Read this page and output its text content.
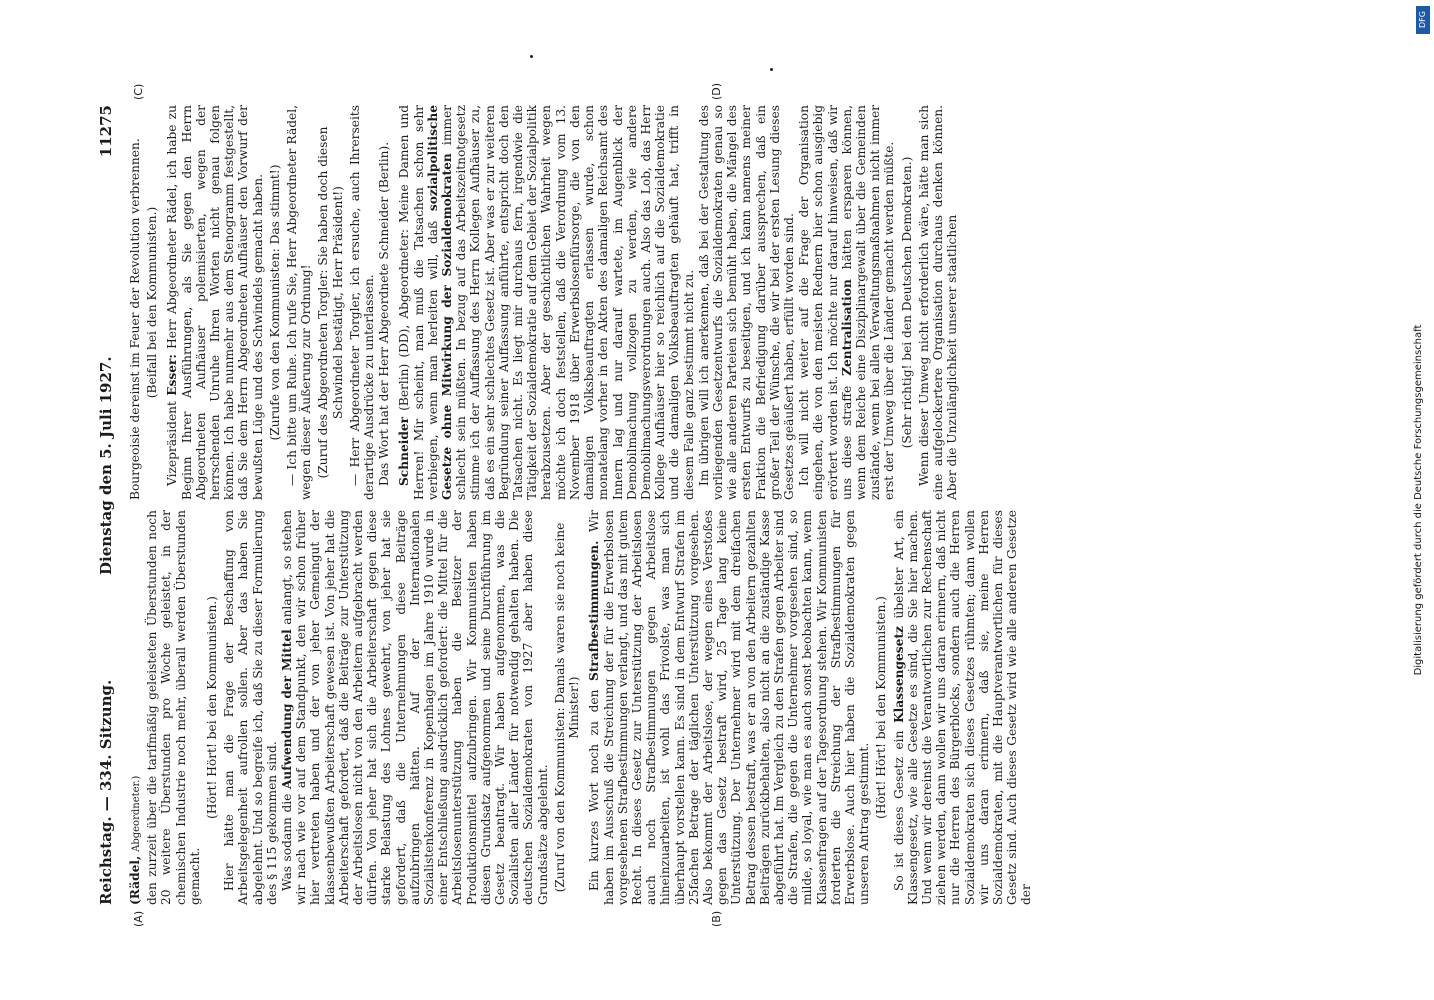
Reichstag. — 334. Sitzung.
Dienstag den 5. Juli 1927.
11275
(A)	(B)
(C)	(D)

(Rädel, Abgeordneter.) den zurzeit über die tarifmäßig geleisteten Überstunden noch 20 weitere Überstunden pro Woche geleistet, in der chemischen Industrie noch mehr, überall werden Überstunden gemacht.

(Hört! Hört! bei den Kommunisten.) Hier hätte man die Frage der Beschaffung von Arbeitsgelegenheit aufrollen sollen. Aber das haben Sie abgelehnt. Und so begreife ich, daß Sie zu dieser Formulierung des § 115 gekommen sind. Was sodann die Aufwendung der Mittel anlangt, so stehen wir nach wie vor auf dem Standpunkt, den wir schon früher hier vertreten haben und der von jeher Gemeingut der klassenbewußten Arbeiterschaft gewesen ist. Von jeher hat die Arbeiterschaft gefordert, daß die Beiträge zur Unterstützung der Arbeitslosen nicht von den Arbeitern aufgebracht werden dürfen. Von jeher hat sich die Arbeiterschaft gegen diese starke Belastung des Lohnes gewehrt, von jeher hat sie gefordert, daß die Unternehmungen diese Beiträge aufzubringen hätten. Auf der Internationalen Sozialistenkonferenz in Kopenhagen im Jahre 1910 wurde in einer Entschließung ausdrücklich gefordert: die Mittel für die Arbeitslosenunterstützung haben die Besitzer der Produktionsmittel aufzubringen. Wir Kommunisten haben diesen Grundsatz aufgenommen und seine Durchführung im Gesetz beantragt. Wir haben aufgenommen, was die Sozialisten aller Länder für notwendig gehalten haben. Die deutschen Sozialdemokraten von 1927 aber haben diese Grundsätze abgelehnt. (Zuruf von den Kommunisten: Damals waren sie noch keine Minister!) Ein kurzes Wort noch zu den Strafbestimmungen. Wir haben im Ausschuß die Streichung der für die Erwerbslosen vorgesehenen Strafbestimmungen verlangt, und das mit gutem Recht. In dieses Gesetz zur Unterstützung der Arbeitslosen auch noch Strafbestimmungen gegen Arbeitslose hineinzuarbeiten, ist wohl das Frivolste, was man sich überhaupt vorstellen kann. Es sind in dem Entwurf Strafen im 25fachen Betrage der täglichen Unterstützung vorgesehen. Also bekommt der Arbeitslose, der wegen eines Verstoßes gegen das Gesetz bestraft wird, 25 Tage lang keine Unterstützung. Der Unternehmer wird mit dem dreifachen Betrag dessen bestraft, was er an von den Arbeitern gezahlten Beiträgen zurückbehalten, also nicht an die zuständige Kasse abgeführt hat. Im Vergleich zu den Strafen gegen Arbeiter sind die Strafen, die gegen die Unternehmer vorgesehen sind, so milde, so loyal, wie man es auch sonst beobachten kann, wenn Klassenfragen auf der Tagesordnung stehen. Wir Kommunisten forderten die Streichung der Strafbestimmungen für Erwerbslose. Auch hier haben die Sozialdemokraten gegen unseren Antrag gestimmt.

(Hört! Hört! bei den Kommunisten.) So ist dieses Gesetz ein Klassengesetz übelster Art, ein Klassengesetz, wie alle Gesetze es sind, die Sie hier machen. Und wenn wir dereinst die Verantwortlichen zur Rechenschaft ziehen werden, dann wollen wir uns daran erinnern, daß nicht nur die Herren des Bürgerblocks, sondern auch die Herren Sozialdemokraten sich dieses Gesetzes rühmten; dann wollen wir uns daran erinnern, daß sie, meine Herren Sozialdemokraten, mit die Hauptverantwortlichen für dieses Gesetz sind. Auch dieses Gesetz wird wie alle anderen Gesetze der

Bourgeoisie dereinst im Feuer der Revolution verbrennen. (Beifall bei den Kommunisten.)

Vizepräsident Esser: Herr Abgeordneter Rädel, ich habe zu Beginn Ihrer Ausführungen, als Sie gegen den Herrn Abgeordneten Aufhäuser polemisierten, wegen der herrschenden Unruhe Ihren Worten nicht genau folgen können. Ich habe nunmehr aus dem Stenogramm festgestellt, daß Sie dem Herrn Abgeordneten Aufhäuser den Vorwurf der bewußten Lüge und des Schwindels gemacht haben. (Zurufe von den Kommunisten: Das stimmt!) — Ich bitte um Ruhe. Ich rufe Sie, Herr Abgeordneter Rädel, wegen dieser Äußerung zur Ordnung! (Zuruf des Abgeordneten Torgler: Sie haben doch diesen Schwindel bestätigt, Herr Präsident!) — Herr Abgeordneter Torgler, ich ersuche, auch Ihrerseits derartige Ausdrücke zu unterlassen. Das Wort hat der Herr Abgeordnete Schneider (Berlin). Schneider (Berlin) (DD), Abgeordneter: Meine Damen und Herren! Mir scheint, man muß die Tatsachen schon sehr verbiegen, wenn man herleiten will, daß sozialpolitische Gesetze ohne Mitwirkung der Sozialdemokraten immer schlecht sein müßten. In bezug auf das Arbeitszeitnotgesetz stimme ich der Auffassung des Herrn Kollegen Aufhäuser zu, daß es ein sehr schlechtes Gesetz ist. Aber was er zur weiteren Begründung seiner Auffassung anführte, entspricht doch den Tatsachen nicht. Es liegt mir durchaus fern, irgendwie die Tätigkeit der Sozialdemokratie auf dem Gebiet der Sozialpolitik herabzusetzen. Aber der geschichtlichen Wahrheit wegen möchte ich doch feststellen, daß die Verordnung vom 13. November 1918 über Erwerbslosenfürsorge, die von den damaligen Volksbeauftragten erlassen wurde, schon monatelang vorher in den Akten des damaligen Reichsamt des Innern lag und nur darauf wartete, im Augenblick der Demobilmachung vollzogen zu werden, wie andere Demobilmachungsverordnungen auch. Also das Lob, das Herr Kollege Aufhäuser hier so reichlich auf die Sozialdemokratie und die damaligen Volksbeauftragten gehäuft hat, trifft in diesem Falle ganz bestimmt nicht zu. Im übrigen will ich anerkennen, daß bei der Gestaltung des vorliegenden Gesetzentwurfs die Sozialdemokraten genau so wie alle anderen Parteien sich bemüht haben, die Mängel des ersten Entwurfs zu beseitigen, und ich kann namens meiner Fraktion die Befriedigung darüber aussprechen, daß ein großer Teil der Wünsche, die wir bei der ersten Lesung dieses Gesetzes geäußert haben, erfüllt worden sind. Ich will nicht weiter auf die Frage der Organisation eingehen, die von den meisten Rednern hier schon ausgiebig erörtert worden ist. Ich möchte nur darauf hinweisen, daß wir uns diese straffe Zentralisation hätten ersparen können, wenn dem Reiche eine Disziplinargewalt über die Gemeinden zustände, wenn bei allen Verwaltungsmaßnahmen nicht immer erst der Umweg über die Länder gemacht werden müßte. (Sehr richtig! bei den Deutschen Demokraten.) Wenn dieser Umweg nicht erforderlich wäre, hätte man sich eine aufgelockertere Organisation durchaus denken können. Aber die Unzulänglichkeit unserer staatlichen	Digitalisierung gefördert durch die Deutsche Forschungsgemeinschaft
DFG
